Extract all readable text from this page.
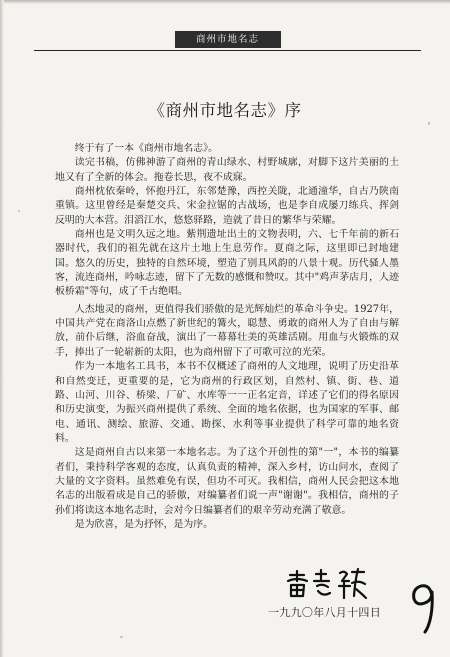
商州市地名志
《商州市地名志》序

终于有了一本《商州市地名志》。

读完书稿，仿佛神游了商州的青山绿水、村野城廓，对脚下这片美丽的土地又有了全新的体会。拖卷长思，夜不成寐。

商州枕依秦岭，怀抱丹江，东邻楚豫，西控关陇，北通潼华，自古乃陕南重镇。这里曾经是秦楚交兵、宋金拉锯的古战场，也是李自成屡刀练兵、挥剑反明的大本营。泪滔江水，悠悠驿路，造就了昔日的繁华与荣耀。

商州也是文明久远之地。紫荆遗址出土的文物表明，六、七千年前的新石器时代，我们的祖先就在这片土地上生息劳作。夏商之际，这里即已封地建国。悠久的历史，独特的自然环境，塑造了别具风韵的八景十观。历代骚人墨客，流连商州，吟咏志迹，留下了无数的感慨和赞叹。其中"鸡声茅店月，人迹板桥霜"等句，成了千古绝唱。

人杰地灵的商州，更值得我们骄傲的是光辉灿烂的革命斗争史。1927年，中国共产党在商洛山点燃了新世纪的篝火，聪慧、勇敢的商州人为了自由与解放，前仆后继，浴血奋战，演出了一幕幕壮美的英雄活剧。用血与火锻炼的双手，捧出了一轮崭新的太阳，也为商州留下了可歌可泣的光荣。

作为一本地名工具书，本书不仅概述了商州的人文地理，说明了历史沿革和自然变迁，更重要的是，它为商州的行政区划，自然村、镇、街、巷、道路、山河、川谷、桥梁、厂矿、水库等一一正名定音，详述了它们的得名原因和历史演变，为振兴商州提供了系统、全面的地名依据，也为国家的军事、邮电、通讯、测绘、旅游、交通、勘探、水利等事业提供了科学可靠的地名资料。

这是商州自古以来第一本地名志。为了这个开创性的第"一"，本书的编纂者们，秉持科学客观的态度，认真负责的精神，深入乡村，访山问水，查阅了大量的文字资料。虽然难免有误，但功不可灭。我相信，商州人民会把这本地名志的出版看成是自己的骄傲，对编纂者们说一声"谢谢"。我相信，商州的子孙们将读这本地名志时，会对今日编纂者们的艰辛劳动充满了敬意。

是为欣喜，是为抒怀，是为序。

一九九〇年八月十四日
